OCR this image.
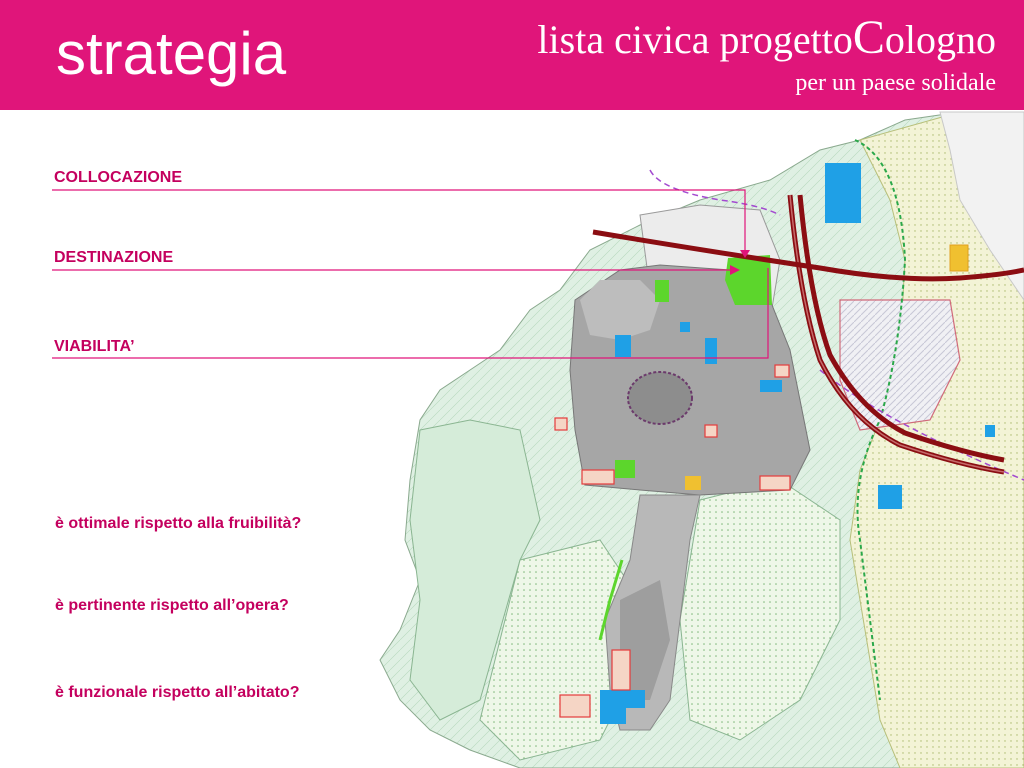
strategia	lista civica progettoCologno
per un paese solidale
COLLOCAZIONE
DESTINAZIONE
VIABILITA’
è ottimale rispetto alla fruibilità?
è pertinente rispetto all’opera?
è funzionale rispetto all’abitato?
